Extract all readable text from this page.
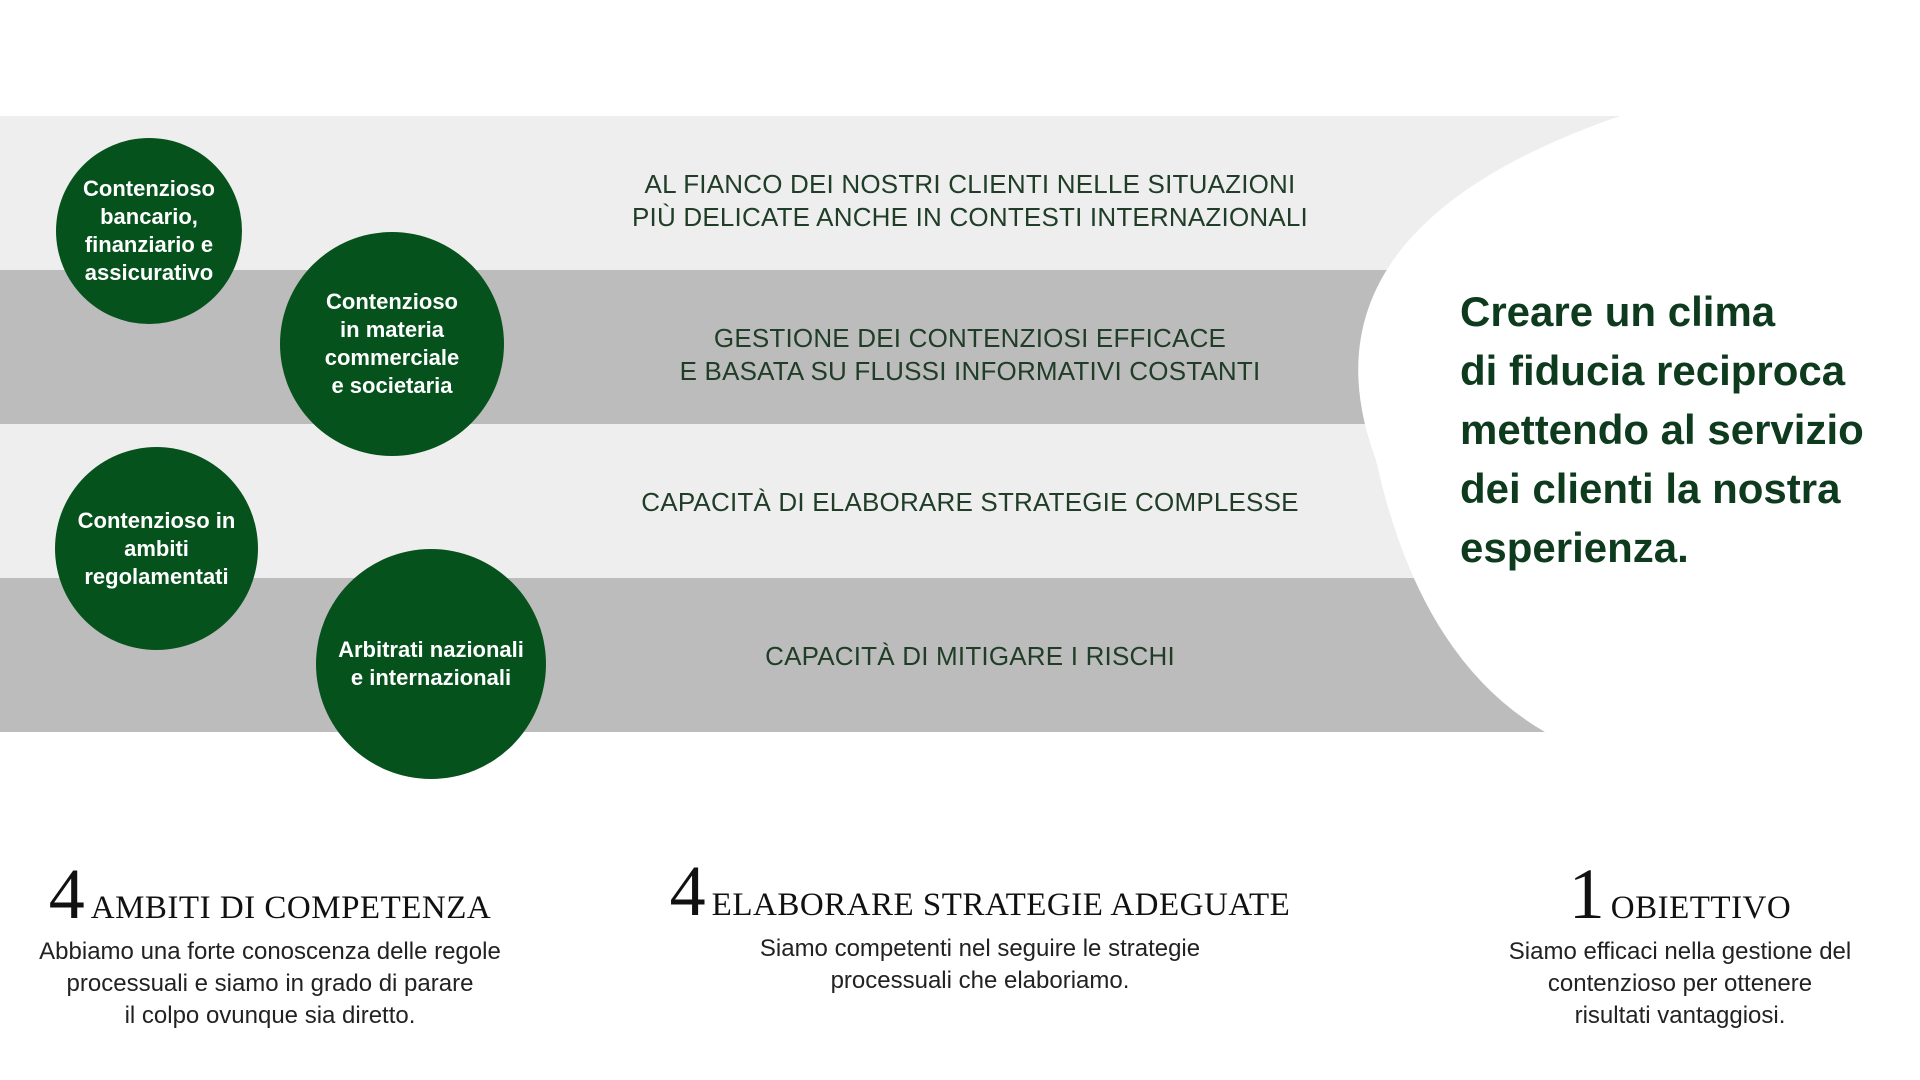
AL FIANCO DEI NOSTRI CLIENTI NELLE SITUAZIONI
PIÙ DELICATE ANCHE IN CONTESTI INTERNAZIONALI
GESTIONE DEI CONTENZIOSI EFFICACE
E BASATA SU FLUSSI INFORMATIVI COSTANTI
CAPACITÀ DI ELABORARE STRATEGIE COMPLESSE
CAPACITÀ DI MITIGARE I RISCHI
Contenzioso
bancario,
finanziario e
assicurativo
Contenzioso
in materia
commerciale
e societaria
Contenzioso in
ambiti
regolamentati
Arbitrati nazionali
e internazionali
Creare un clima
di fiducia reciproca
mettendo al servizio
dei clienti la nostra
esperienza.
4 AMBITI DI COMPETENZA
Abbiamo una forte conoscenza delle regole
processuali e siamo in grado di parare
il colpo ovunque sia diretto.
4 ELABORARE STRATEGIE ADEGUATE
Siamo competenti nel seguire le strategie
processuali che elaboriamo.
1 OBIETTIVO
Siamo efficaci nella gestione del
contenzioso per ottenere
risultati vantaggiosi.
